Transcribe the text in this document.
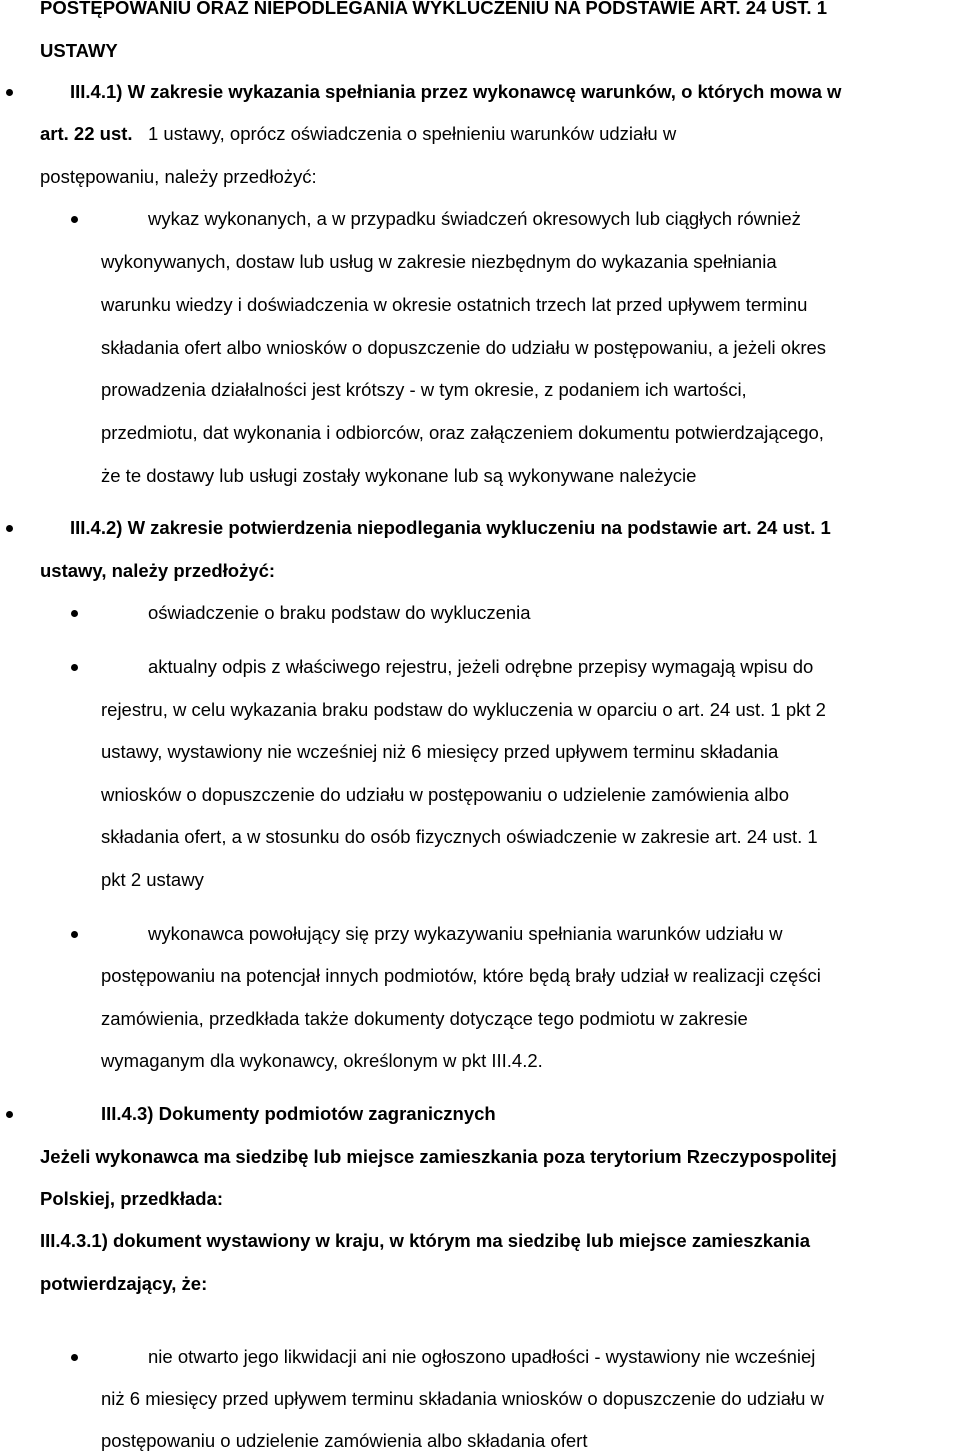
POSTĘPOWANIU ORAZ NIEPODLEGANIA WYKLUCZENIU NA PODSTAWIE ART. 24 UST. 1
USTAWY
III.4.1) W zakresie wykazania spełniania przez wykonawcę warunków, o których mowa w
art. 22 ust. 1 ustawy, oprócz oświadczenia o spełnieniu warunków udziału w
postępowaniu, należy przedłożyć:
wykaz wykonanych, a w przypadku świadczeń okresowych lub ciągłych również
wykonywanych, dostaw lub usług w zakresie niezbędnym do wykazania spełniania
warunku wiedzy i doświadczenia w okresie ostatnich trzech lat przed upływem terminu
składania ofert albo wniosków o dopuszczenie do udziału w postępowaniu, a jeżeli okres
prowadzenia działalności jest krótszy - w tym okresie, z podaniem ich wartości,
przedmiotu, dat wykonania i odbiorców, oraz załączeniem dokumentu potwierdzającego,
że te dostawy lub usługi zostały wykonane lub są wykonywane należycie
III.4.2) W zakresie potwierdzenia niepodlegania wykluczeniu na podstawie art. 24 ust. 1
ustawy, należy przedłożyć:
oświadczenie o braku podstaw do wykluczenia
aktualny odpis z właściwego rejestru, jeżeli odrębne przepisy wymagają wpisu do
rejestru, w celu wykazania braku podstaw do wykluczenia w oparciu o art. 24 ust. 1 pkt 2
ustawy, wystawiony nie wcześniej niż 6 miesięcy przed upływem terminu składania
wniosków o dopuszczenie do udziału w postępowaniu o udzielenie zamówienia albo
składania ofert, a w stosunku do osób fizycznych oświadczenie w zakresie art. 24 ust. 1
pkt 2 ustawy
wykonawca powołujący się przy wykazywaniu spełniania warunków udziału w
postępowaniu na potencjał innych podmiotów, które będą brały udział w realizacji części
zamówienia, przedkłada także dokumenty dotyczące tego podmiotu w zakresie
wymaganym dla wykonawcy, określonym w pkt III.4.2.
III.4.3) Dokumenty podmiotów zagranicznych
Jeżeli wykonawca ma siedzibę lub miejsce zamieszkania poza terytorium Rzeczypospolitej
Polskiej, przedkłada:
III.4.3.1) dokument wystawiony w kraju, w którym ma siedzibę lub miejsce zamieszkania
potwierdzający, że:
nie otwarto jego likwidacji ani nie ogłoszono upadłości - wystawiony nie wcześniej
niż 6 miesięcy przed upływem terminu składania wniosków o dopuszczenie do udziału w
postępowaniu o udzielenie zamówienia albo składania ofert
